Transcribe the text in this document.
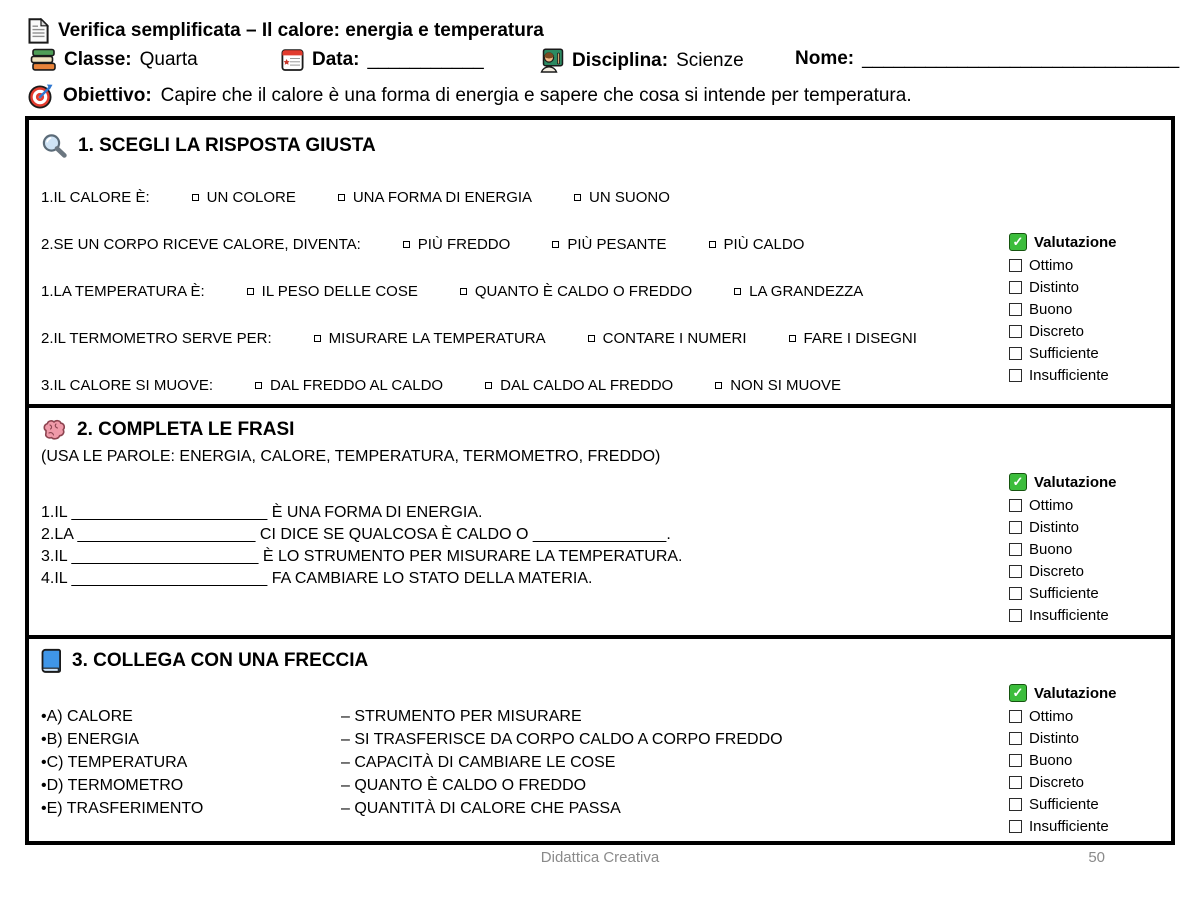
Verifica semplificata – Il calore: energia e temperatura
Classe: Quarta	Data: ___________	Disciplina: Scienze	Nome: ______________________________
Obiettivo: Capire che il calore è una forma di energia e sapere che cosa si intende per temperatura.
1. SCEGLI LA RISPOSTA GIUSTA
1.IL CALORE È:	UN COLORE	UNA FORMA DI ENERGIA	UN SUONO
2.SE UN CORPO RICEVE CALORE, DIVENTA:	PIÙ FREDDO	PIÙ PESANTE	PIÙ CALDO
1.LA TEMPERATURA È:	IL PESO DELLE COSE	QUANTO È CALDO O FREDDO	LA GRANDEZZA
2.IL TERMOMETRO SERVE PER:	MISURARE LA TEMPERATURA	CONTARE I NUMERI	FARE I DISEGNI
3.IL CALORE SI MUOVE:	DAL FREDDO AL CALDO	DAL CALDO AL FREDDO	NON SI MUOVE
✓ Valutazione
Ottimo
Distinto
Buono
Discreto
Sufficiente
Insufficiente
2. COMPLETA LE FRASI
(USA LE PAROLE: ENERGIA, CALORE, TEMPERATURA, TERMOMETRO, FREDDO)
1.IL ______________________ È UNA FORMA DI ENERGIA.
2.LA ____________________ CI DICE SE QUALCOSA È CALDO O _______________.
3.IL _____________________ È LO STRUMENTO PER MISURARE LA TEMPERATURA.
4.IL ______________________ FA CAMBIARE LO STATO DELLA MATERIA.
✓ Valutazione
Ottimo
Distinto
Buono
Discreto
Sufficiente
Insufficiente
3. COLLEGA CON UNA FRECCIA
•A) CALORE	– STRUMENTO PER MISURARE
•B) ENERGIA	– SI TRASFERISCE DA CORPO CALDO A CORPO FREDDO
•C) TEMPERATURA	– CAPACITÀ DI CAMBIARE LE COSE
•D) TERMOMETRO	– QUANTO È CALDO O FREDDO
•E) TRASFERIMENTO	– QUANTITÀ DI CALORE CHE PASSA
✓ Valutazione
Ottimo
Distinto
Buono
Discreto
Sufficiente
Insufficiente
Didattica Creativa	50
